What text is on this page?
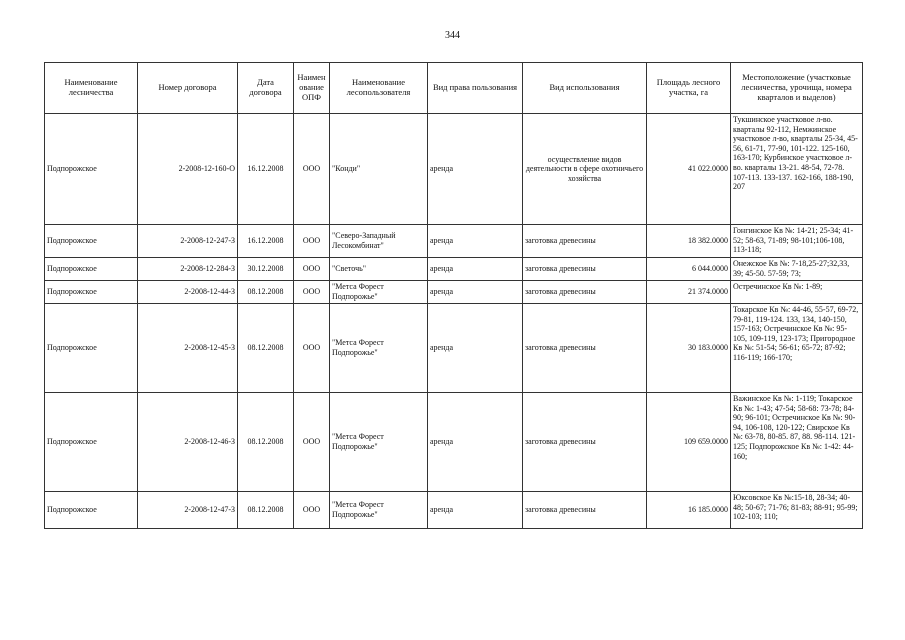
344
Наименование лесничества	Номер договора	Дата договора	Наименование ОПФ	Наименование лесопользователя	Вид права пользования	Вид использования	Площадь лесного участка, га	Местоположение (участковые лесничества, урочища, номера кварталов и выделов)
Подпорожское	2-2008-12-160-О	16.12.2008	ООО	"Конди"	аренда	осуществление видов деятельности в сфере охотничьего хозяйства	41 022.0000	Тукшинское участковое л-во. кварталы 92-112, Немжинское участковое л-во, кварталы 25-34, 45-56, 61-71, 77-90, 101-122. 125-160, 163-170; Курбинское участковое л-во. кварталы 13-21. 48-54, 72-78. 107-113. 133-137. 162-166, 188-190, 207
Подпорожское	2-2008-12-247-З	16.12.2008	ООО	"Северо-Западный Лесокомбинат"	аренда	заготовка древесины	18 382.0000	Гонгинское Кв №: 14-21; 25-34; 41-52; 58-63, 71-89; 98-101;106-108, 113-118;
Подпорожское	2-2008-12-284-З	30.12.2008	ООО	"Светочь"	аренда	заготовка древесины	6 044.0000	Онежское Кв №: 7-18,25-27;32,33, 39; 45-50. 57-59; 73;
Подпорожское	2-2008-12-44-З	08.12.2008	ООО	"Метса Форест Подпорожье"	аренда	заготовка древесины	21 374.0000	Остречинское Кв №: 1-89;
Подпорожское	2-2008-12-45-З	08.12.2008	ООО	"Метса Форест Подпорожье"	аренда	заготовка древесины	30 183.0000	Токарское Кв №: 44-46, 55-57, 69-72, 79-81, 119-124. 133, 134, 140-150, 157-163; Остречинское Кв №: 95-105, 109-119, 123-173; Пригородное Кв №: 51-54; 56-61; 65-72; 87-92; 116-119; 166-170;
Подпорожское	2-2008-12-46-З	08.12.2008	ООО	"Метса Форест Подпорожье"	аренда	заготовка древесины	109 659.0000	Важинское Кв №: 1-119; Токарское Кв №: 1-43; 47-54; 58-68: 73-78; 84-90; 96-101; Остречинское Кв №: 90-94, 106-108, 120-122; Свирское Кв №: 63-78, 80-85. 87, 88. 98-114. 121-125; Подпорожское Кв №: 1-42: 44-160;
Подпорожское	2-2008-12-47-З	08.12.2008	ООО	"Метса Форест Подпорожье"	аренда	заготовка древесины	16 185.0000	Юксовское Кв №:15-18, 28-34; 40-48; 50-67; 71-76; 81-83; 88-91; 95-99; 102-103; 110;
